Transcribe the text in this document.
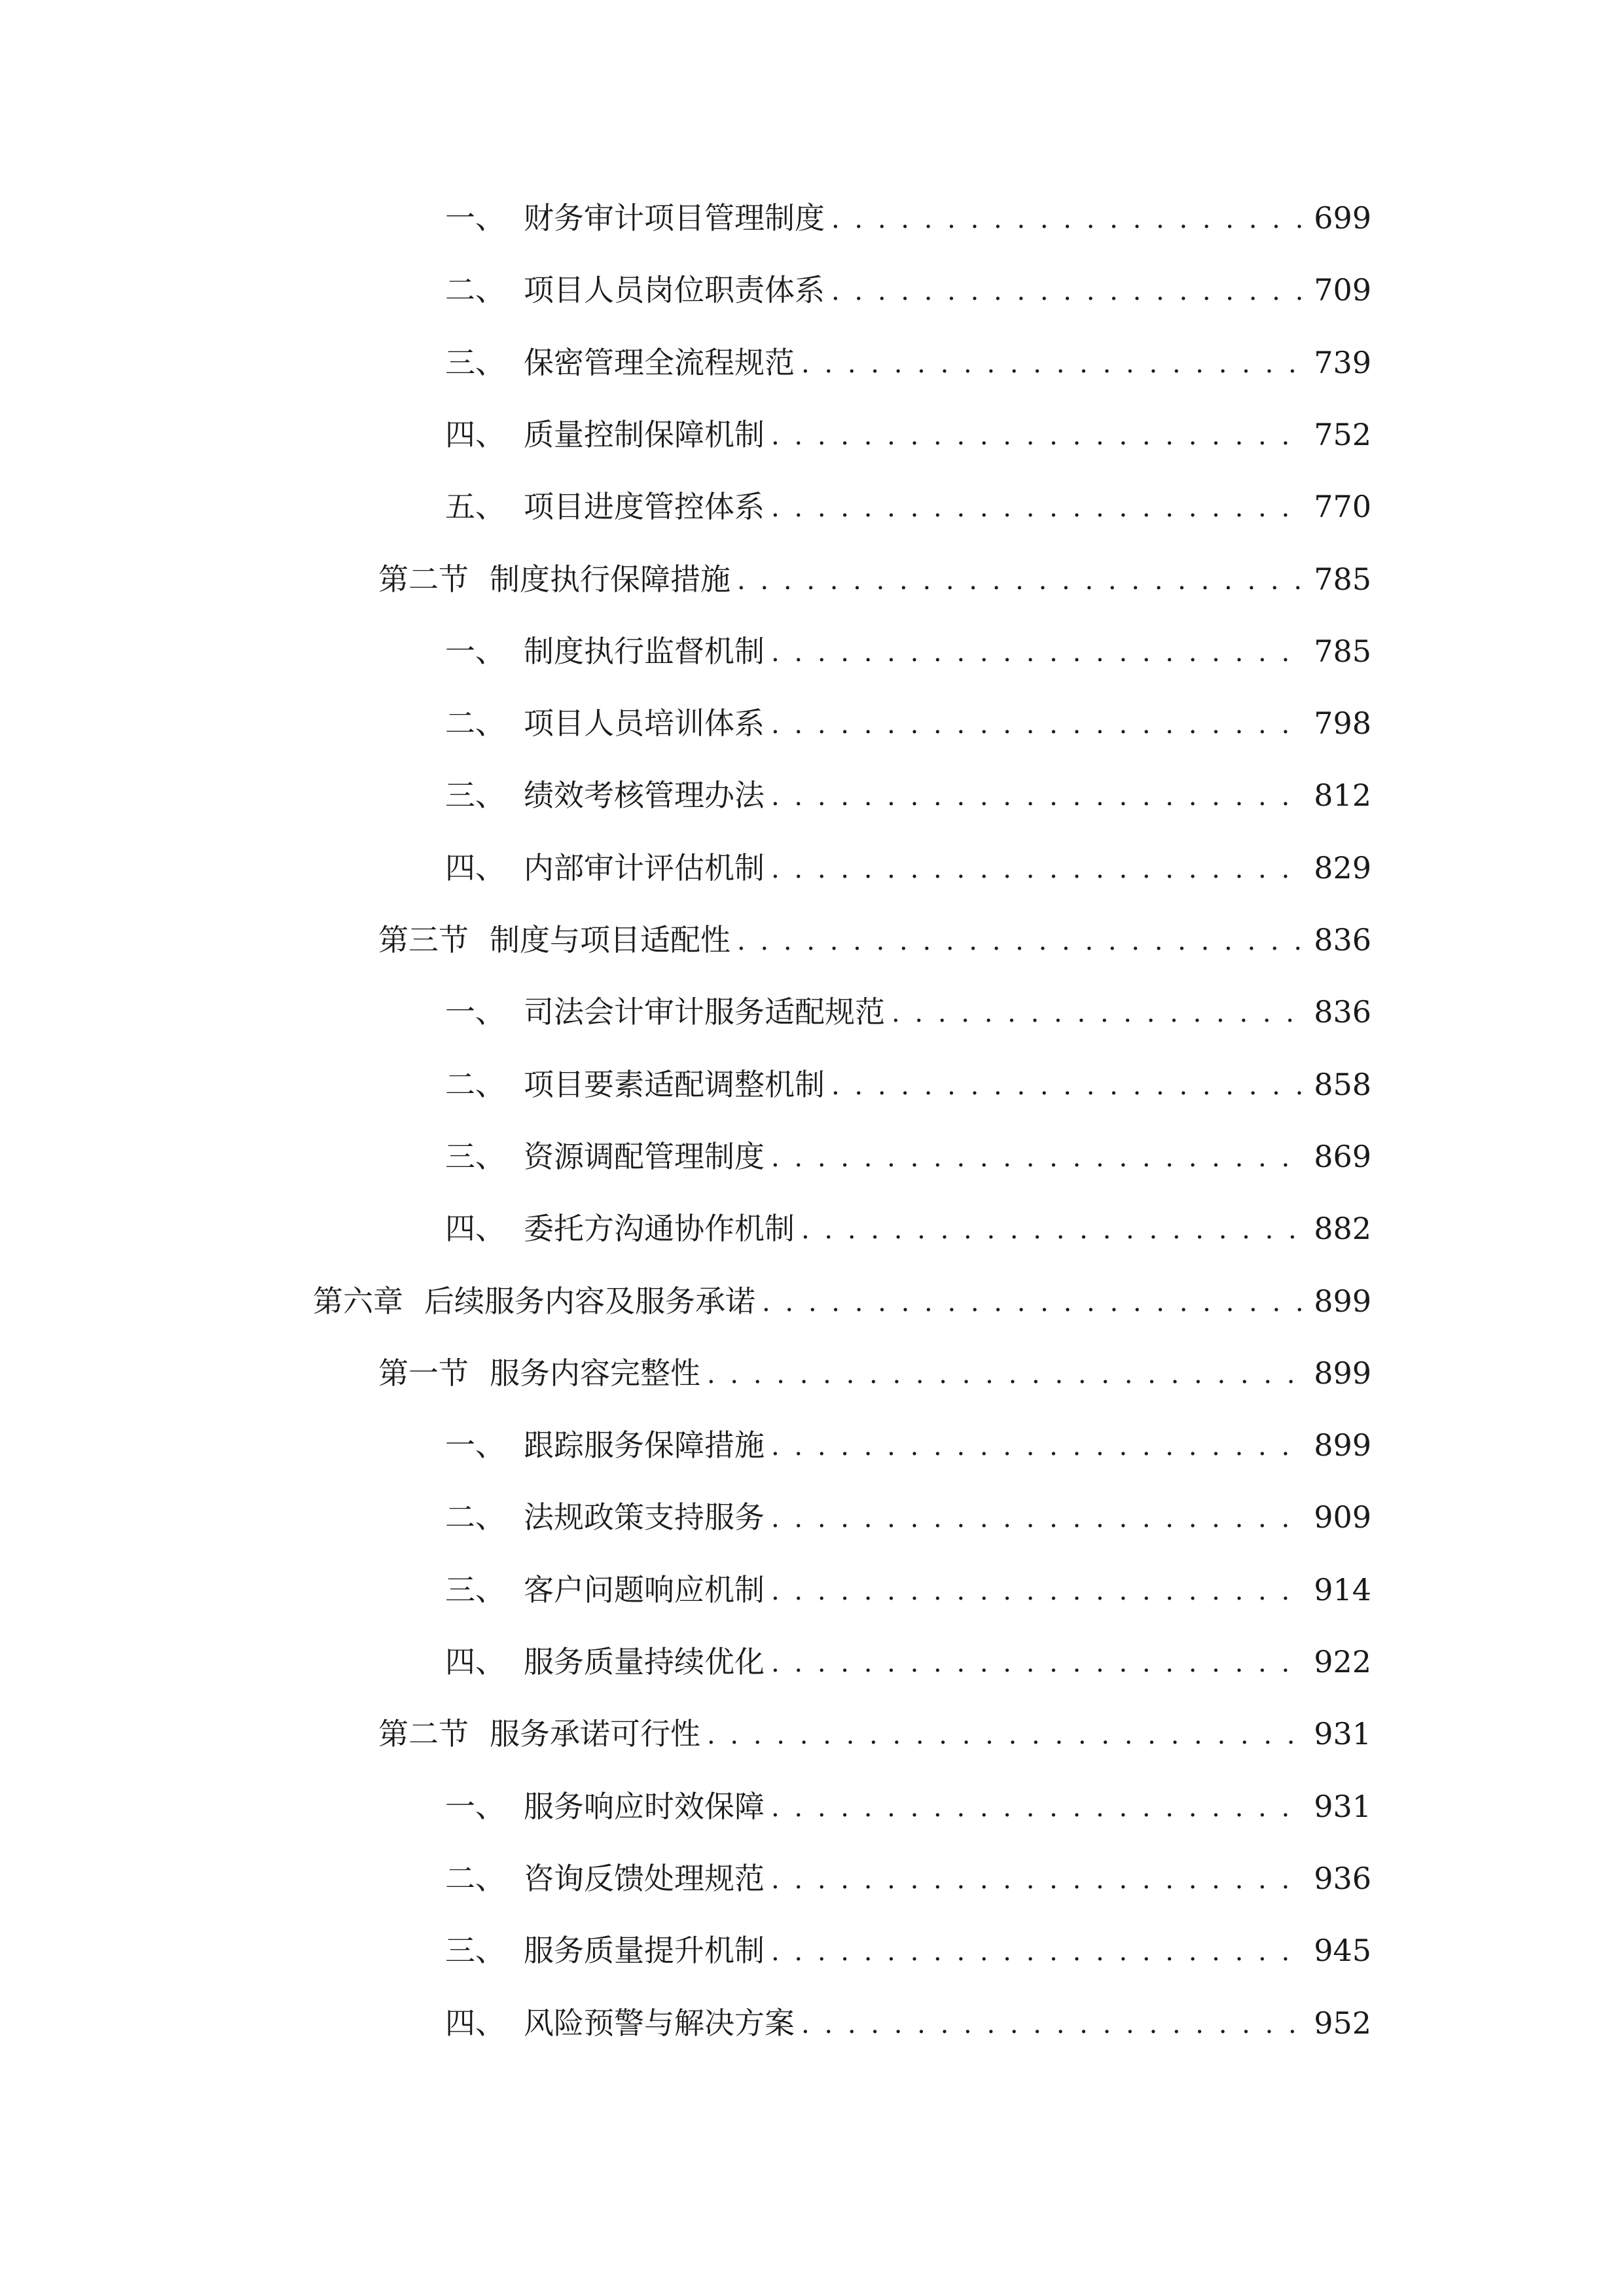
一、 财务审计项目管理制度 . . .	699
二、 项目人员岗位职责体系 . . .	709
三、 保密管理全流程规范 . . .	739
四、 质量控制保障机制 . . .	752
五、 项目进度管控体系 . . .	770
第二节 制度执行保障措施 . . .	785
一、 制度执行监督机制 . . .	785
二、 项目人员培训体系 . . .	798
三、 绩效考核管理办法 . . .	812
四、 内部审计评估机制 . . .	829
第三节 制度与项目适配性 . . .	836
一、 司法会计审计服务适配规范 . . .	836
二、 项目要素适配调整机制 . . .	858
三、 资源调配管理制度 . . .	869
四、 委托方沟通协作机制 . . .	882
第六章 后续服务内容及服务承诺 . . .	899
第一节 服务内容完整性 . . .	899
一、 跟踪服务保障措施 . . .	899
二、 法规政策支持服务 . . .	909
三、 客户问题响应机制 . . .	914
四、 服务质量持续优化 . . .	922
第二节 服务承诺可行性 . . .	931
一、 服务响应时效保障 . . .	931
二、 咨询反馈处理规范 . . .	936
三、 服务质量提升机制 . . .	945
四、 风险预警与解决方案 . . .	952
